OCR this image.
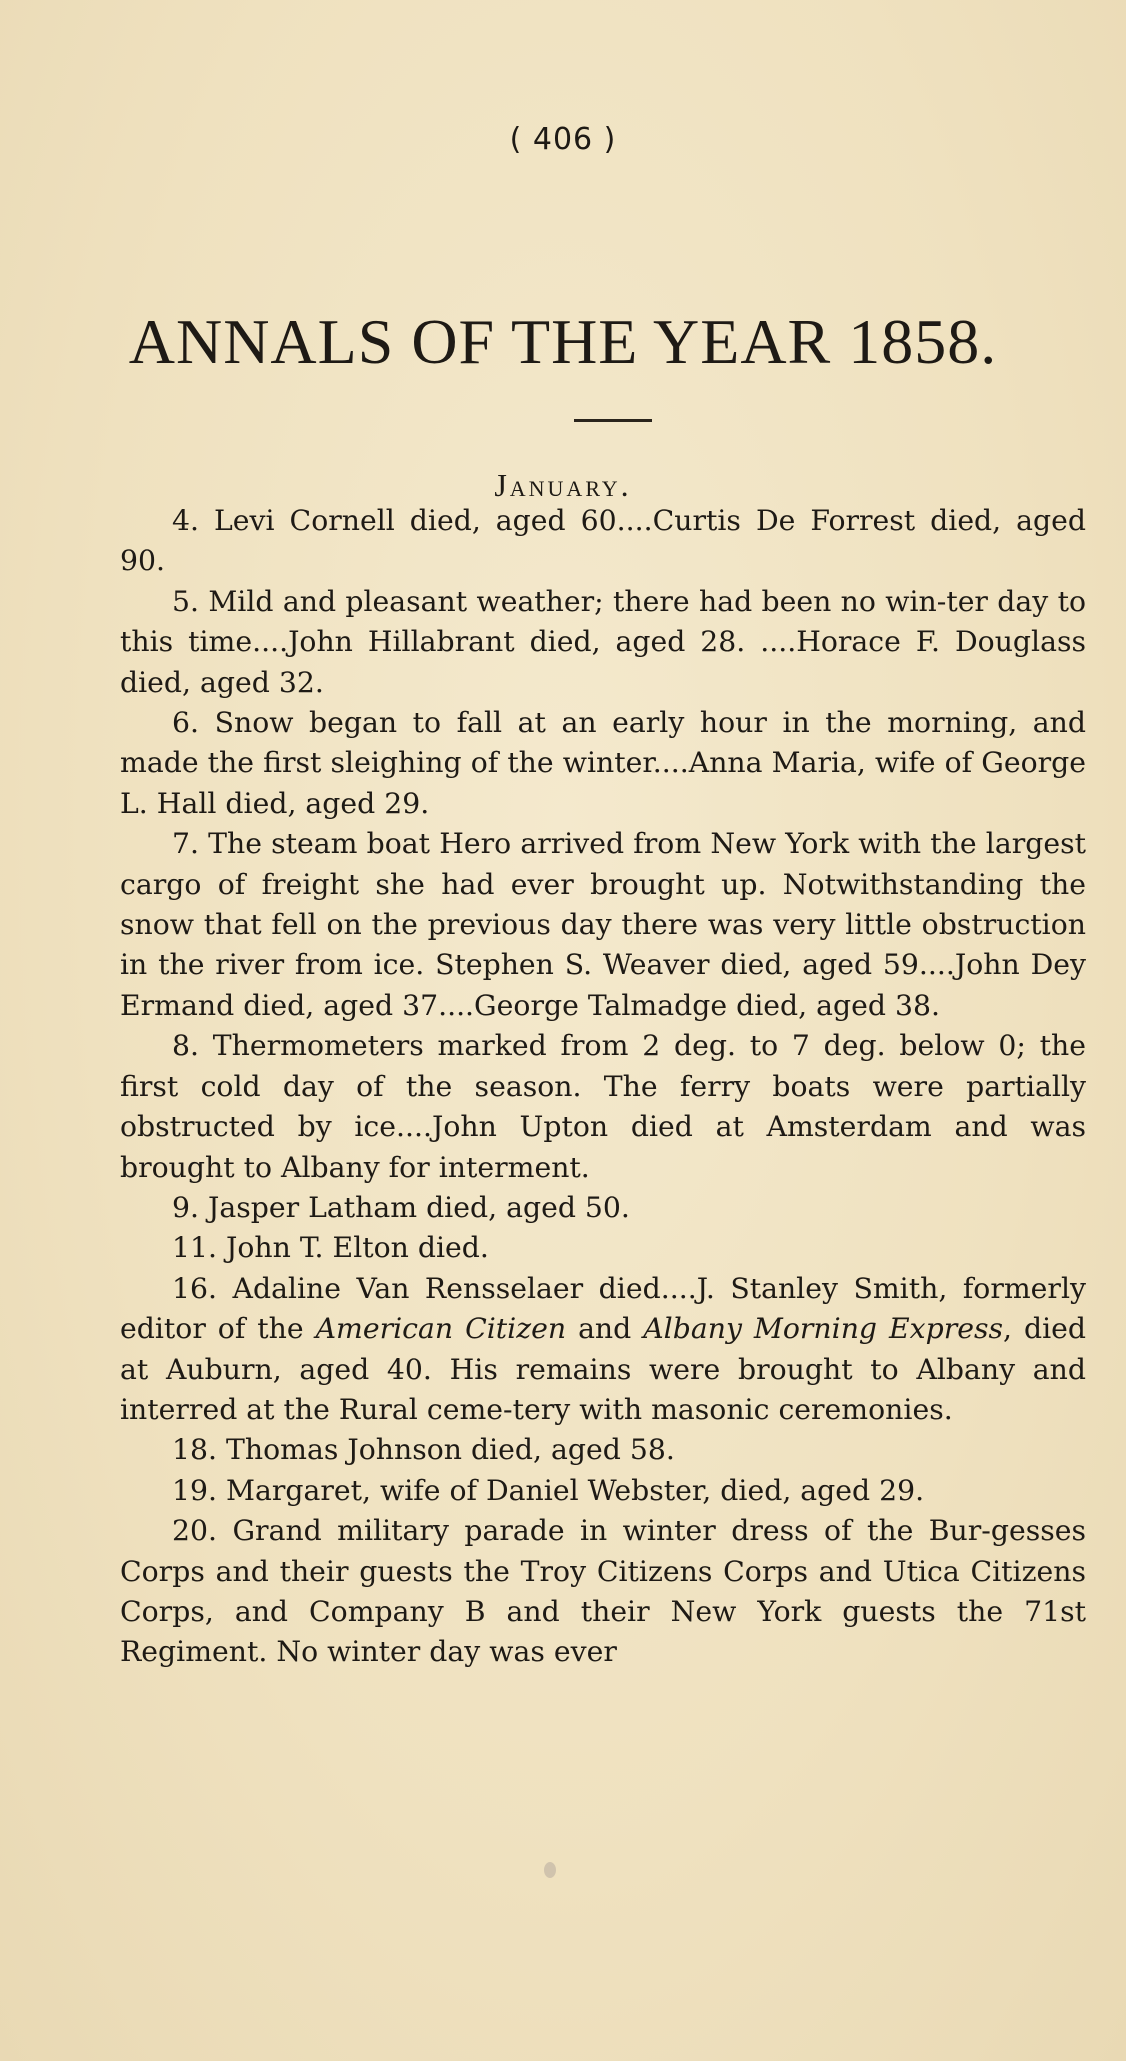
( 406 )
ANNALS OF THE YEAR 1858.
January.

4. Levi Cornell died, aged 60....Curtis De Forrest died, aged 90.

5. Mild and pleasant weather; there had been no win-ter day to this time....John Hillabrant died, aged 28. ....Horace F. Douglass died, aged 32.

6. Snow began to fall at an early hour in the morning, and made the first sleighing of the winter....Anna Maria, wife of George L. Hall died, aged 29.

7. The steam boat Hero arrived from New York with the largest cargo of freight she had ever brought up. Notwithstanding the snow that fell on the previous day there was very little obstruction in the river from ice. Stephen S. Weaver died, aged 59....John Dey Ermand died, aged 37....George Talmadge died, aged 38.

8. Thermometers marked from 2 deg. to 7 deg. below 0; the first cold day of the season. The ferry boats were partially obstructed by ice....John Upton died at Amsterdam and was brought to Albany for interment.

9. Jasper Latham died, aged 50.

11. John T. Elton died.

16. Adaline Van Rensselaer died....J. Stanley Smith, formerly editor of the American Citizen and Albany Morning Express, died at Auburn, aged 40. His remains were brought to Albany and interred at the Rural ceme-tery with masonic ceremonies.

18. Thomas Johnson died, aged 58.

19. Margaret, wife of Daniel Webster, died, aged 29.

20. Grand military parade in winter dress of the Bur-gesses Corps and their guests the Troy Citizens Corps and Utica Citizens Corps, and Company B and their New York guests the 71st Regiment. No winter day was ever
